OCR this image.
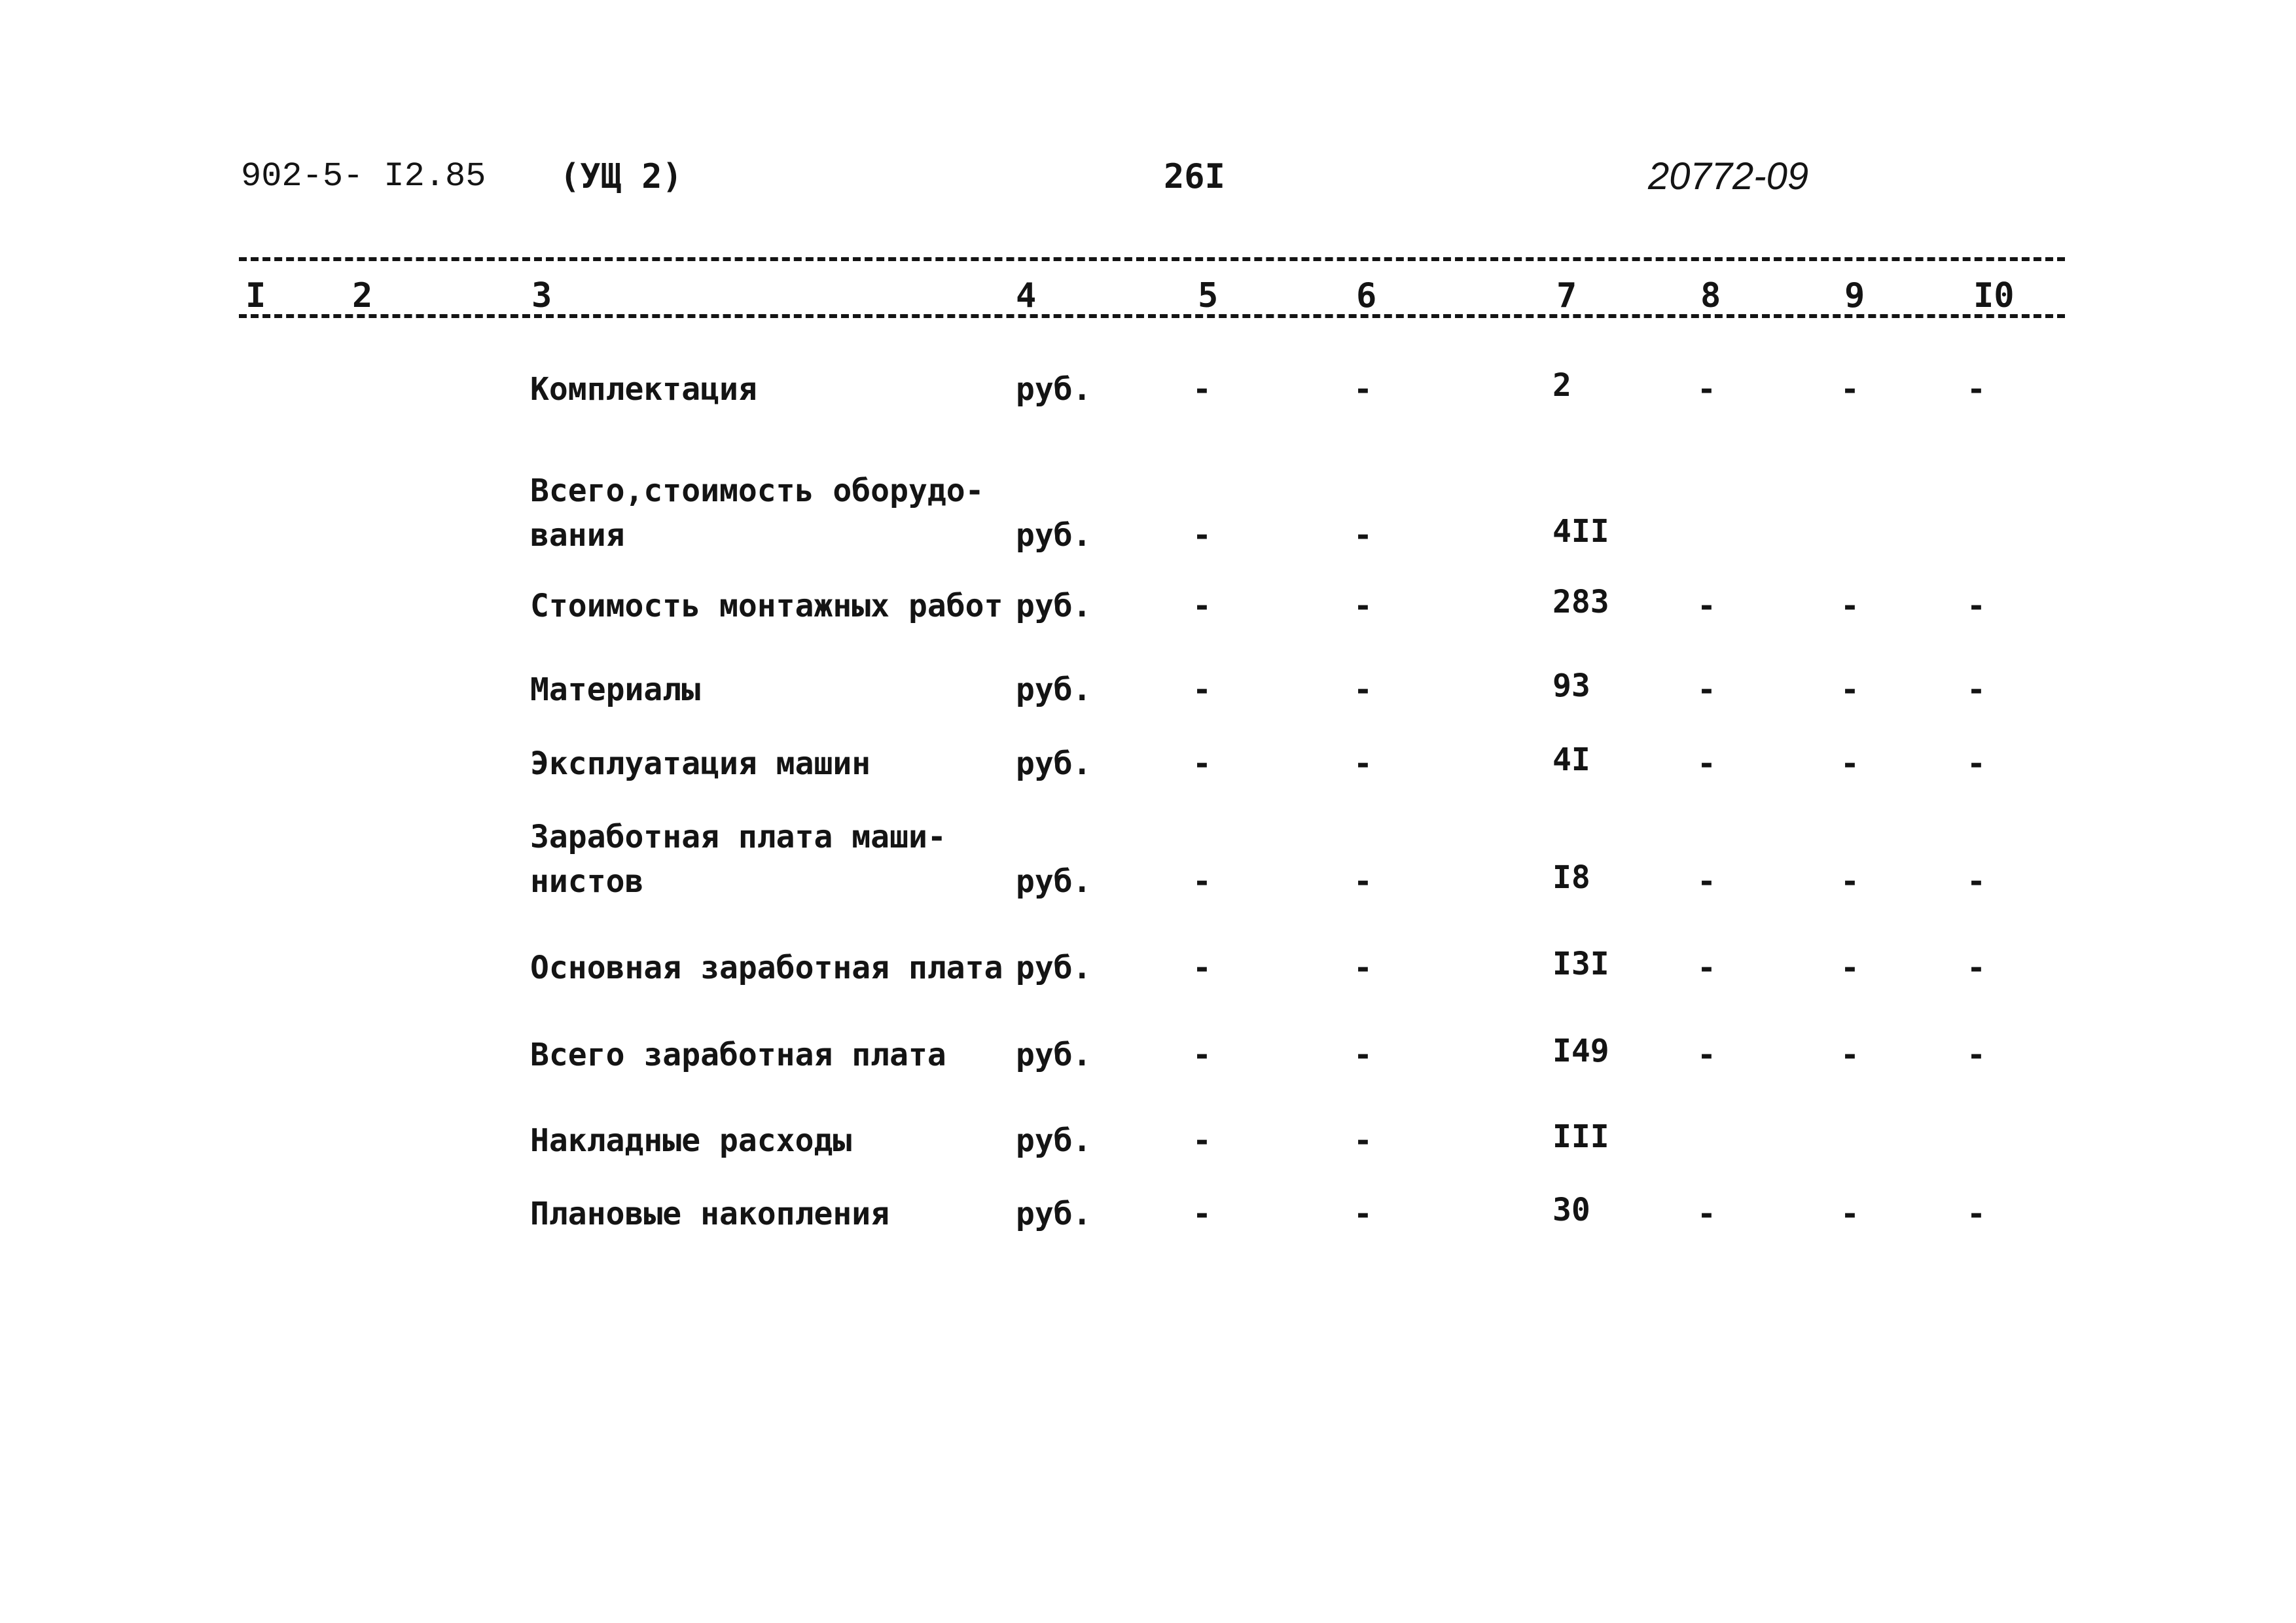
902-5- I2.85 (УЩ 2)	26I	20772-09
I	2	3	4	5	6	7	8	9	I0
Комплектация	руб.	-	-	2	-	-	-
Всего,стоимость оборудо-
вания	руб.	-	-	4II
Стоимость монтажных работ руб.	-	-	283	-	-	-
Материалы	руб.	-	-	93	-	-	-
Эксплуатация машин	руб.	-	-	4I	-	-	-
Заработная плата маши-
нистов	руб.	-	-	I8	-	-	-
Основная заработная плата руб.	-	-	I3I	-	-	-
Всего заработная плата руб.	-	-	I49	-	-	-
Накладные расходы	руб.	-	-	III
Плановые накопления	руб.	-	-	30	-	-	-
